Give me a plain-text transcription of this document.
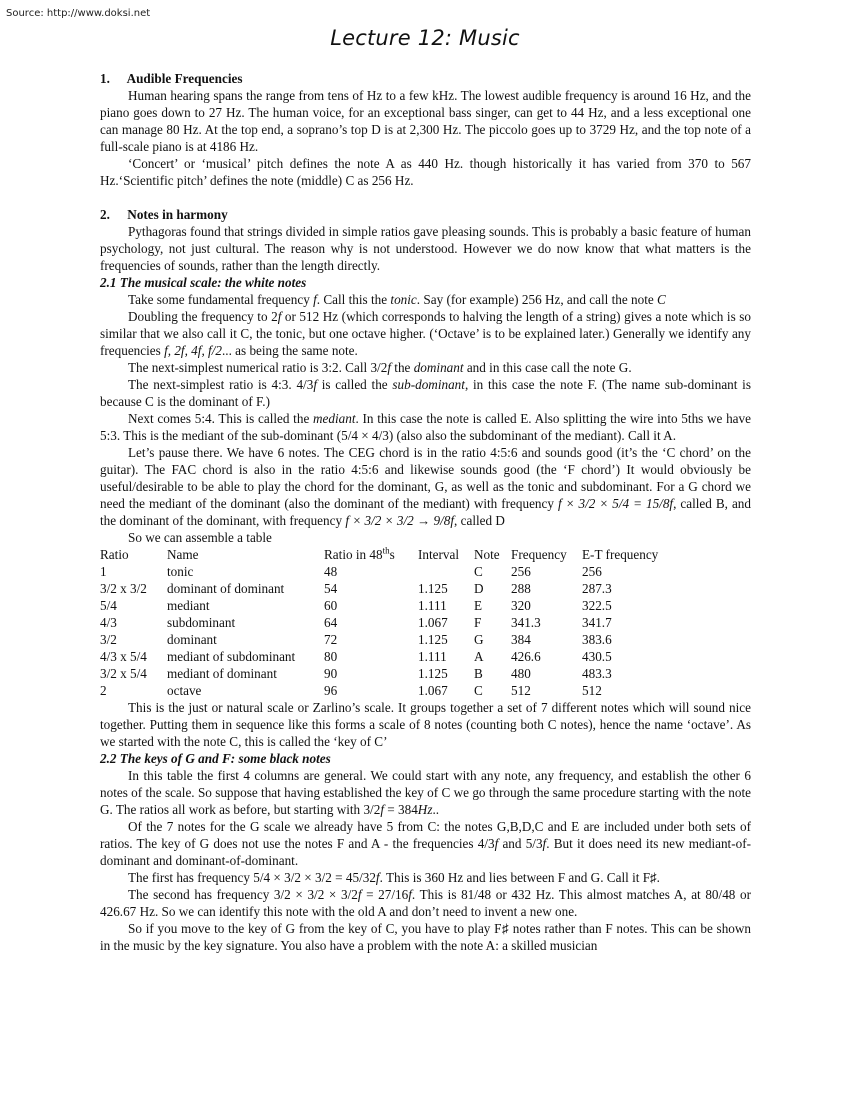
Source: http://www.doksi.net
Lecture 12: Music
1. Audible Frequencies

Human hearing spans the range from tens of Hz to a few kHz. The lowest audible frequency is around 16 Hz, and the piano goes down to 27 Hz. The human voice, for an exceptional bass singer, can get to 44 Hz, and a less exceptional one can manage 80 Hz. At the top end, a soprano’s top D is at 2,300 Hz. The piccolo goes up to 3729 Hz, and the top note of a full-scale piano is at 4186 Hz.

‘Concert’ or ‘musical’ pitch defines the note A as 440 Hz. though historically it has varied from 370 to 567 Hz.‘Scientific pitch’ defines the note (middle) C as 256 Hz.

2. Notes in harmony

Pythagoras found that strings divided in simple ratios gave pleasing sounds. This is probably a basic feature of human psychology, not just cultural. The reason why is not understood. However we do now know that what matters is the frequencies of sounds, rather than the length directly.

2.1 The musical scale: the white notes

Take some fundamental frequency f. Call this the tonic. Say (for example) 256 Hz, and call the note C

Doubling the frequency to 2f or 512 Hz (which corresponds to halving the length of a string) gives a note which is so similar that we also call it C, the tonic, but one octave higher. (‘Octave’ is to be explained later.) Generally we identify any frequencies f, 2f, 4f, f/2... as being the same note.

The next-simplest numerical ratio is 3:2. Call 3/2f the dominant and in this case call the note G.

The next-simplest ratio is 4:3. 4/3f is called the sub-dominant, in this case the note F. (The name sub-dominant is because C is the dominant of F.)

Next comes 5:4. This is called the mediant. In this case the note is called E. Also splitting the wire into 5ths we have 5:3. This is the mediant of the sub-dominant (5/4 × 4/3) (also also the subdominant of the mediant). Call it A.

Let’s pause there. We have 6 notes. The CEG chord is in the ratio 4:5:6 and sounds good (it’s the ‘C chord’ on the guitar). The FAC chord is also in the ratio 4:5:6 and likewise sounds good (the ‘F chord’) It would obviously be useful/desirable to be able to play the chord for the dominant, G, as well as the tonic and subdominant. For a G chord we need the mediant of the dominant (also the dominant of the mediant) with frequency f × 3/2 × 5/4 = 15/8f, called B, and the dominant of the dominant, with frequency f × 3/2 × 3/2 → 9/8f, called D

So we can assemble a table

Ratio	Name	Ratio in 48ths	Interval	Note	Frequency	E-T frequency
1	tonic	48		C	256	256
3/2 x 3/2	dominant of dominant	54	1.125	D	288	287.3
5/4	mediant	60	1.111	E	320	322.5
4/3	subdominant	64	1.067	F	341.3	341.7
3/2	dominant	72	1.125	G	384	383.6
4/3 x 5/4	mediant of subdominant	80	1.111	A	426.6	430.5
3/2 x 5/4	mediant of dominant	90	1.125	B	480	483.3
2	octave	96	1.067	C	512	512

This is the just or natural scale or Zarlino’s scale. It groups together a set of 7 different notes which will sound nice together. Putting them in sequence like this forms a scale of 8 notes (counting both C notes), hence the name ‘octave’. As we started with the note C, this is called the ‘key of C’

2.2 The keys of G and F: some black notes

In this table the first 4 columns are general. We could start with any note, any frequency, and establish the other 6 notes of the scale. So suppose that having established the key of C we go through the same procedure starting with the note G. The ratios all work as before, but starting with 3/2f = 384Hz..

Of the 7 notes for the G scale we already have 5 from C: the notes G,B,D,C and E are included under both sets of ratios. The key of G does not use the notes F and A - the frequencies 4/3f and 5/3f. But it does need its new mediant-of-dominant and dominant-of-dominant.

The first has frequency 5/4 × 3/2 × 3/2 = 45/32f. This is 360 Hz and lies between F and G. Call it F♯.

The second has frequency 3/2 × 3/2 × 3/2f = 27/16f. This is 81/48 or 432 Hz. This almost matches A, at 80/48 or 426.67 Hz. So we can identify this note with the old A and don’t need to invent a new one.

So if you move to the key of G from the key of C, you have to play F♯ notes rather than F notes. This can be shown in the music by the key signature. You also have a problem with the note A: a skilled musician
